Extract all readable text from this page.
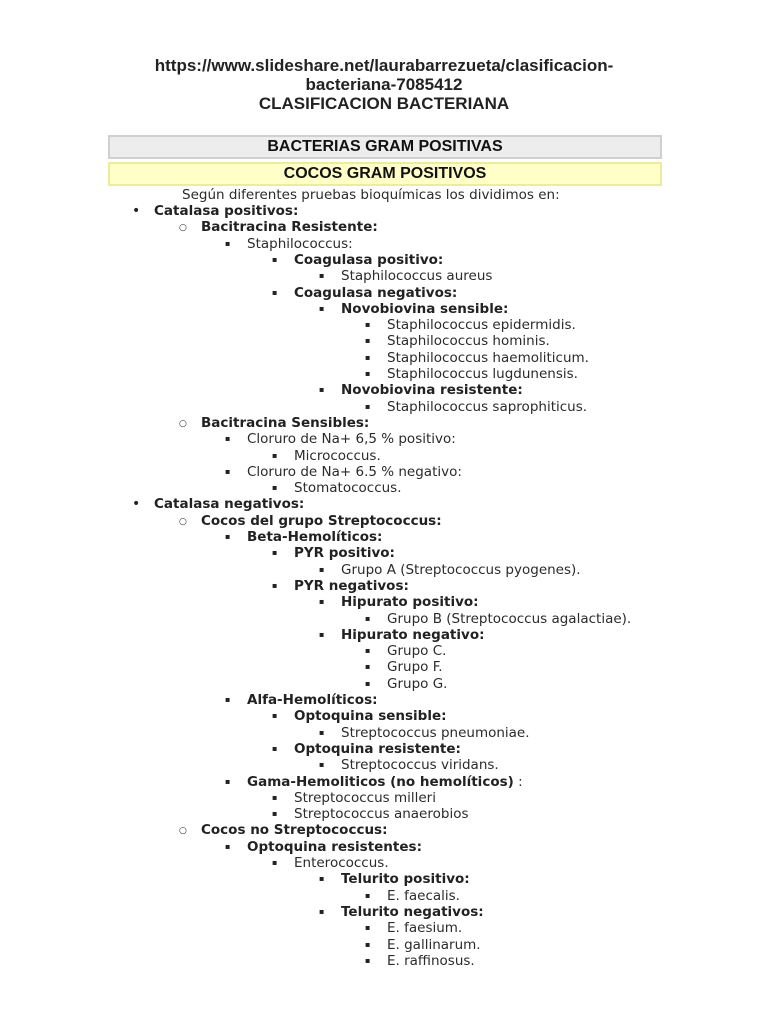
https://www.slideshare.net/laurabarrezueta/clasificacion-
bacteriana-7085412
CLASIFICACION BACTERIANA
BACTERIAS GRAM POSITIVAS
COCOS GRAM POSITIVOS
Según diferentes pruebas bioquímicas los dividimos en:
• Catalasa positivos:
○ Bacitracina Resistente:
▪ Staphilococcus:
▪ Coagulasa positivo:
▪ Staphilococcus aureus
▪ Coagulasa negativos:
▪ Novobiovina sensible:
▪ Staphilococcus epidermidis.
▪ Staphilococcus hominis.
▪ Staphilococcus haemoliticum.
▪ Staphilococcus lugdunensis.
▪ Novobiovina resistente:
▪ Staphilococcus saprophiticus.
○ Bacitracina Sensibles:
▪ Cloruro de Na+ 6,5 % positivo:
▪ Micrococcus.
▪ Cloruro de Na+ 6.5 % negativo:
▪ Stomatococcus.
• Catalasa negativos:
○ Cocos del grupo Streptococcus:
▪ Beta-Hemolíticos:
▪ PYR positivo:
▪ Grupo A (Streptococcus pyogenes).
▪ PYR negativos:
▪ Hipurato positivo:
▪ Grupo B (Streptococcus agalactiae).
▪ Hipurato negativo:
▪ Grupo C.
▪ Grupo F.
▪ Grupo G.
▪ Alfa-Hemolíticos:
▪ Optoquina sensible:
▪ Streptococcus pneumoniae.
▪ Optoquina resistente:
▪ Streptococcus viridans.
▪ Gama-Hemoliticos (no hemolíticos) :
▪ Streptococcus milleri
▪ Streptococcus anaerobios
○ Cocos no Streptococcus:
▪ Optoquina resistentes:
▪ Enterococcus.
▪ Telurito positivo:
▪ E. faecalis.
▪ Telurito negativos:
▪ E. faesium.
▪ E. gallinarum.
▪ E. raffinosus.
